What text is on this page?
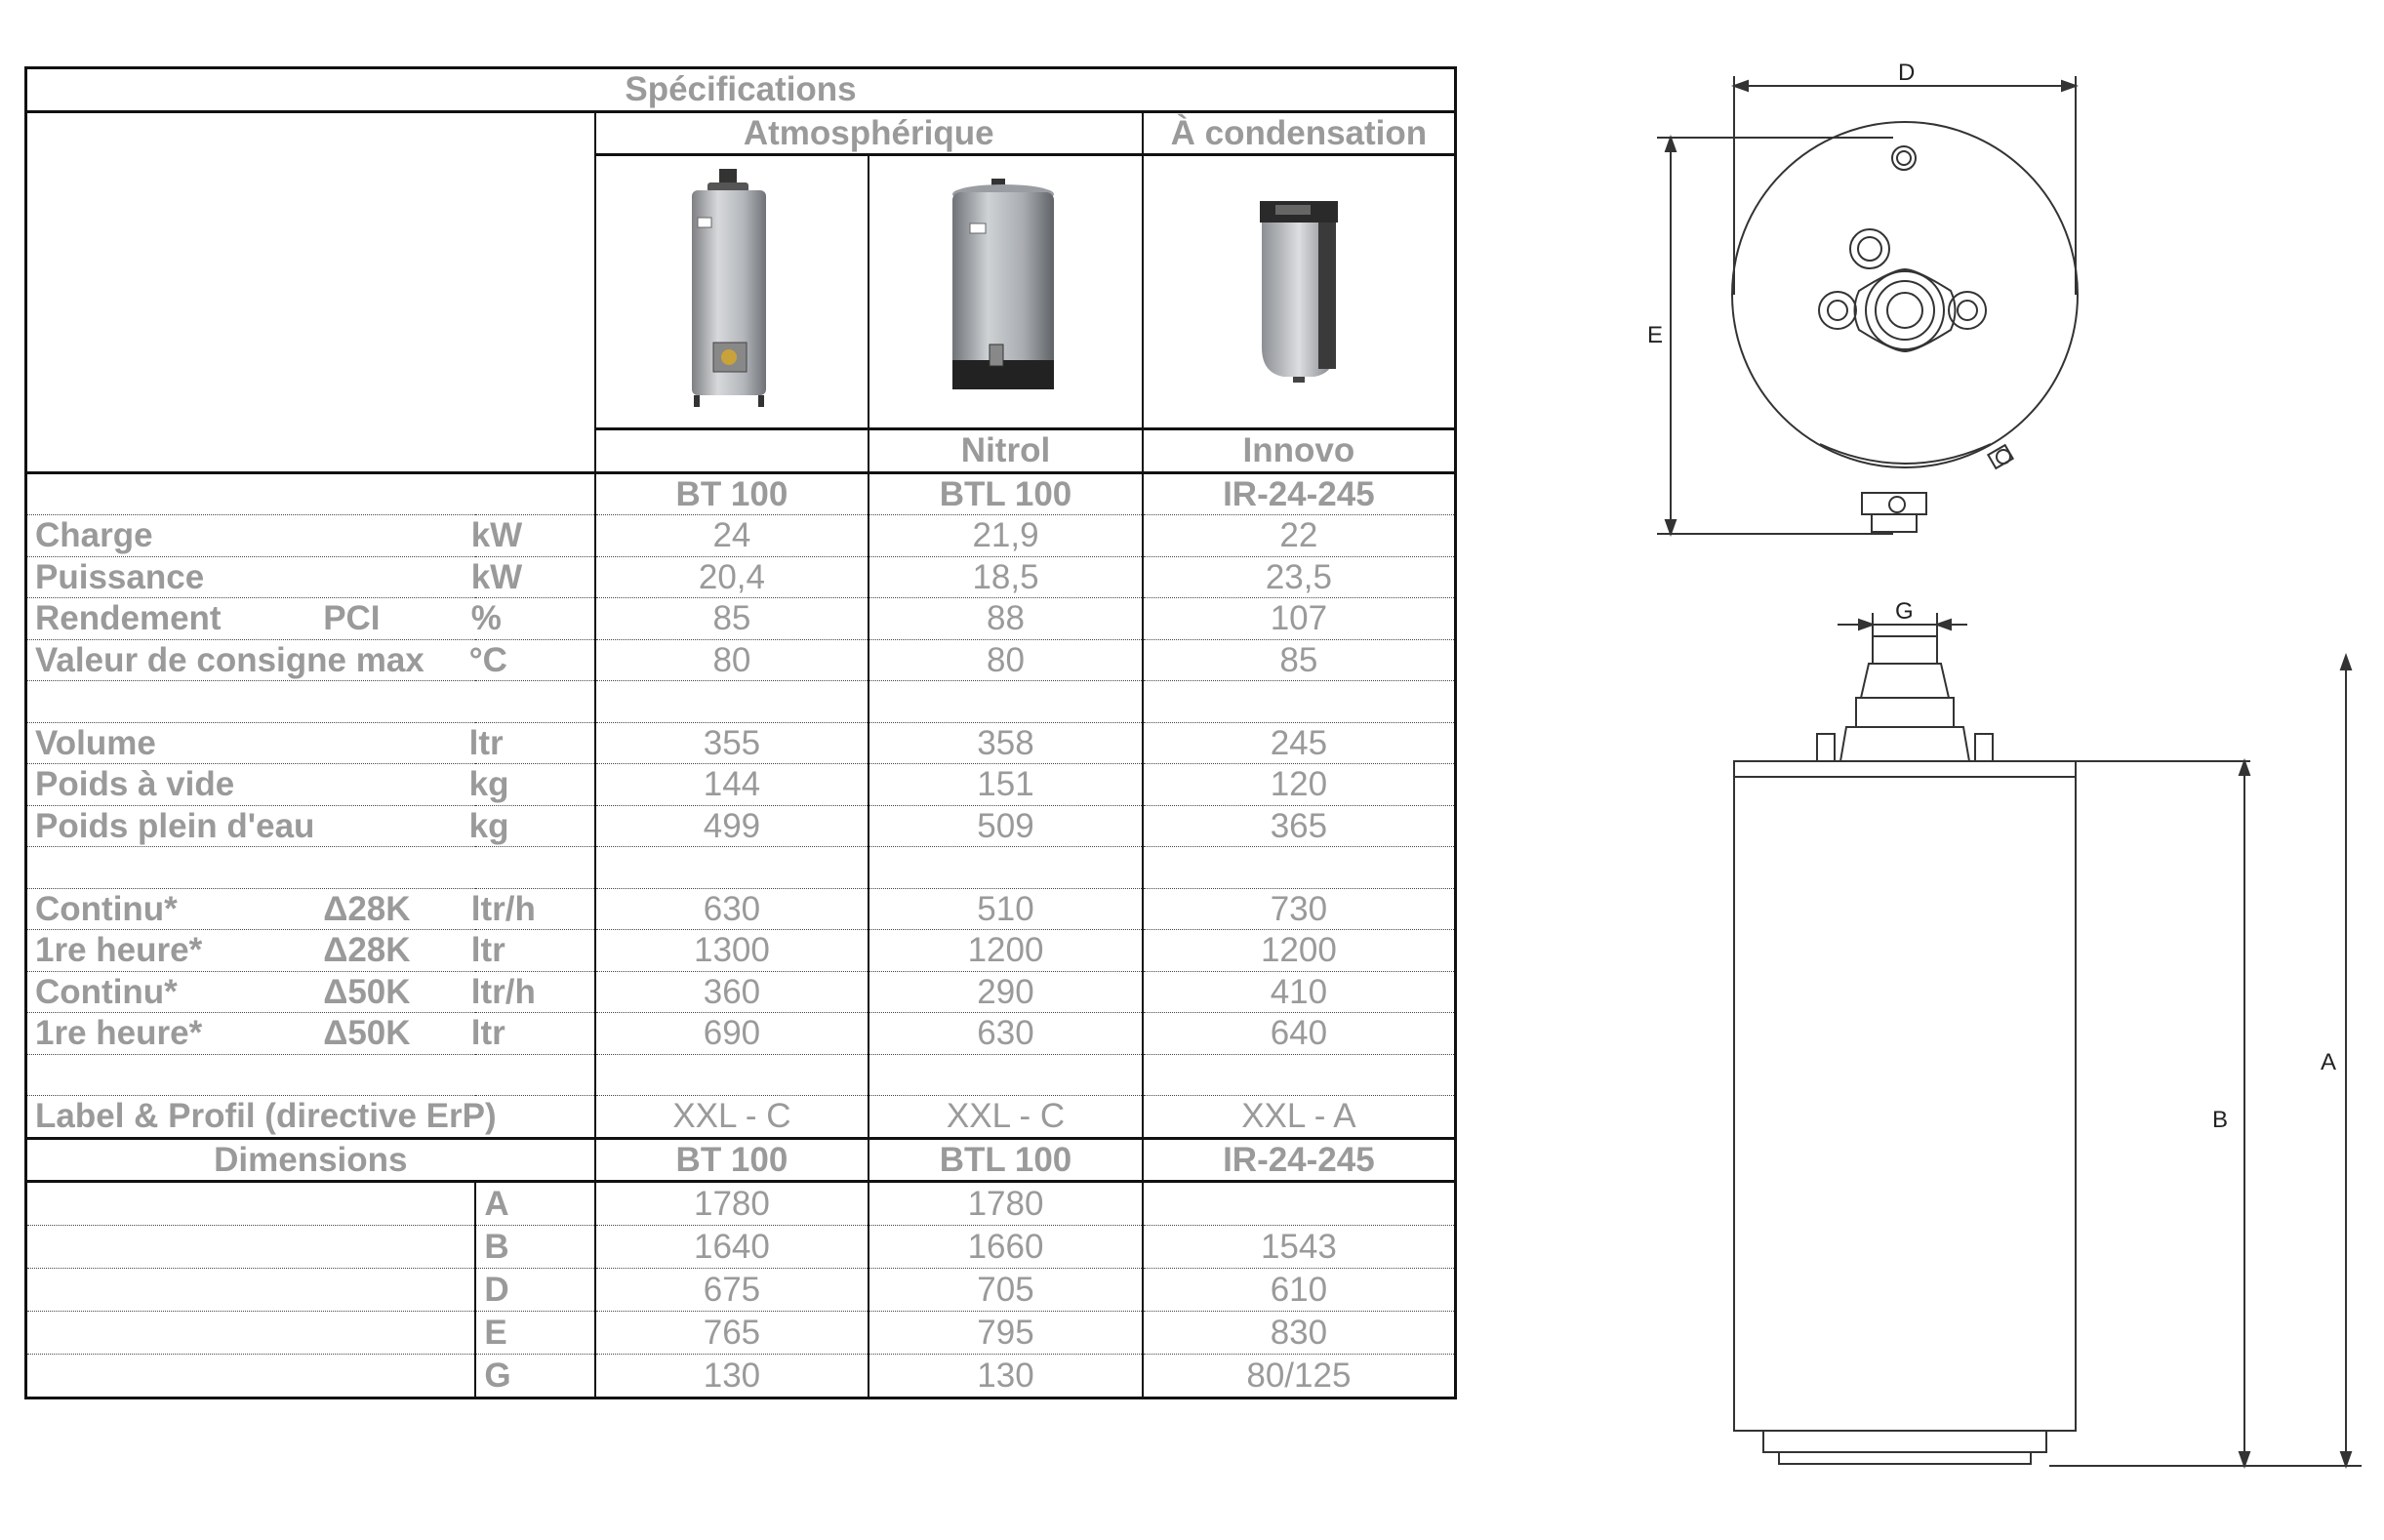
Spécifications				
		Atmosphérique		À condensation

			Nitrol	Innovo
		BT 100	BTL 100	IR-24-245

Charge kW		24	21,9	22

Puissance kW		20,4	18,5	23,5

Rendement PCI %		85	88	107

Valeur de consigne max °C		80	80	85

Volume ltr		355	358	245

Poids à vide kg		144	151	120

Poids plein d'eau kg		499	509	365

Continu* Δ28K ltr/h		630	510	730

1re heure* Δ28K ltr		1300	1200	1200

Continu* Δ50K ltr/h		360	290	410

1re heure* Δ50K ltr		690	630	640

Label & Profil (directive ErP)		XXL - C	XXL - C	XXL - A
Dimensions		BT 100	BTL 100	IR-24-245
	A	1780	1780	
	B	1640	1660	1543
	D	675	705	610
	E	765	795	830
	G	130	130	80/125
D
E
G
B
A
